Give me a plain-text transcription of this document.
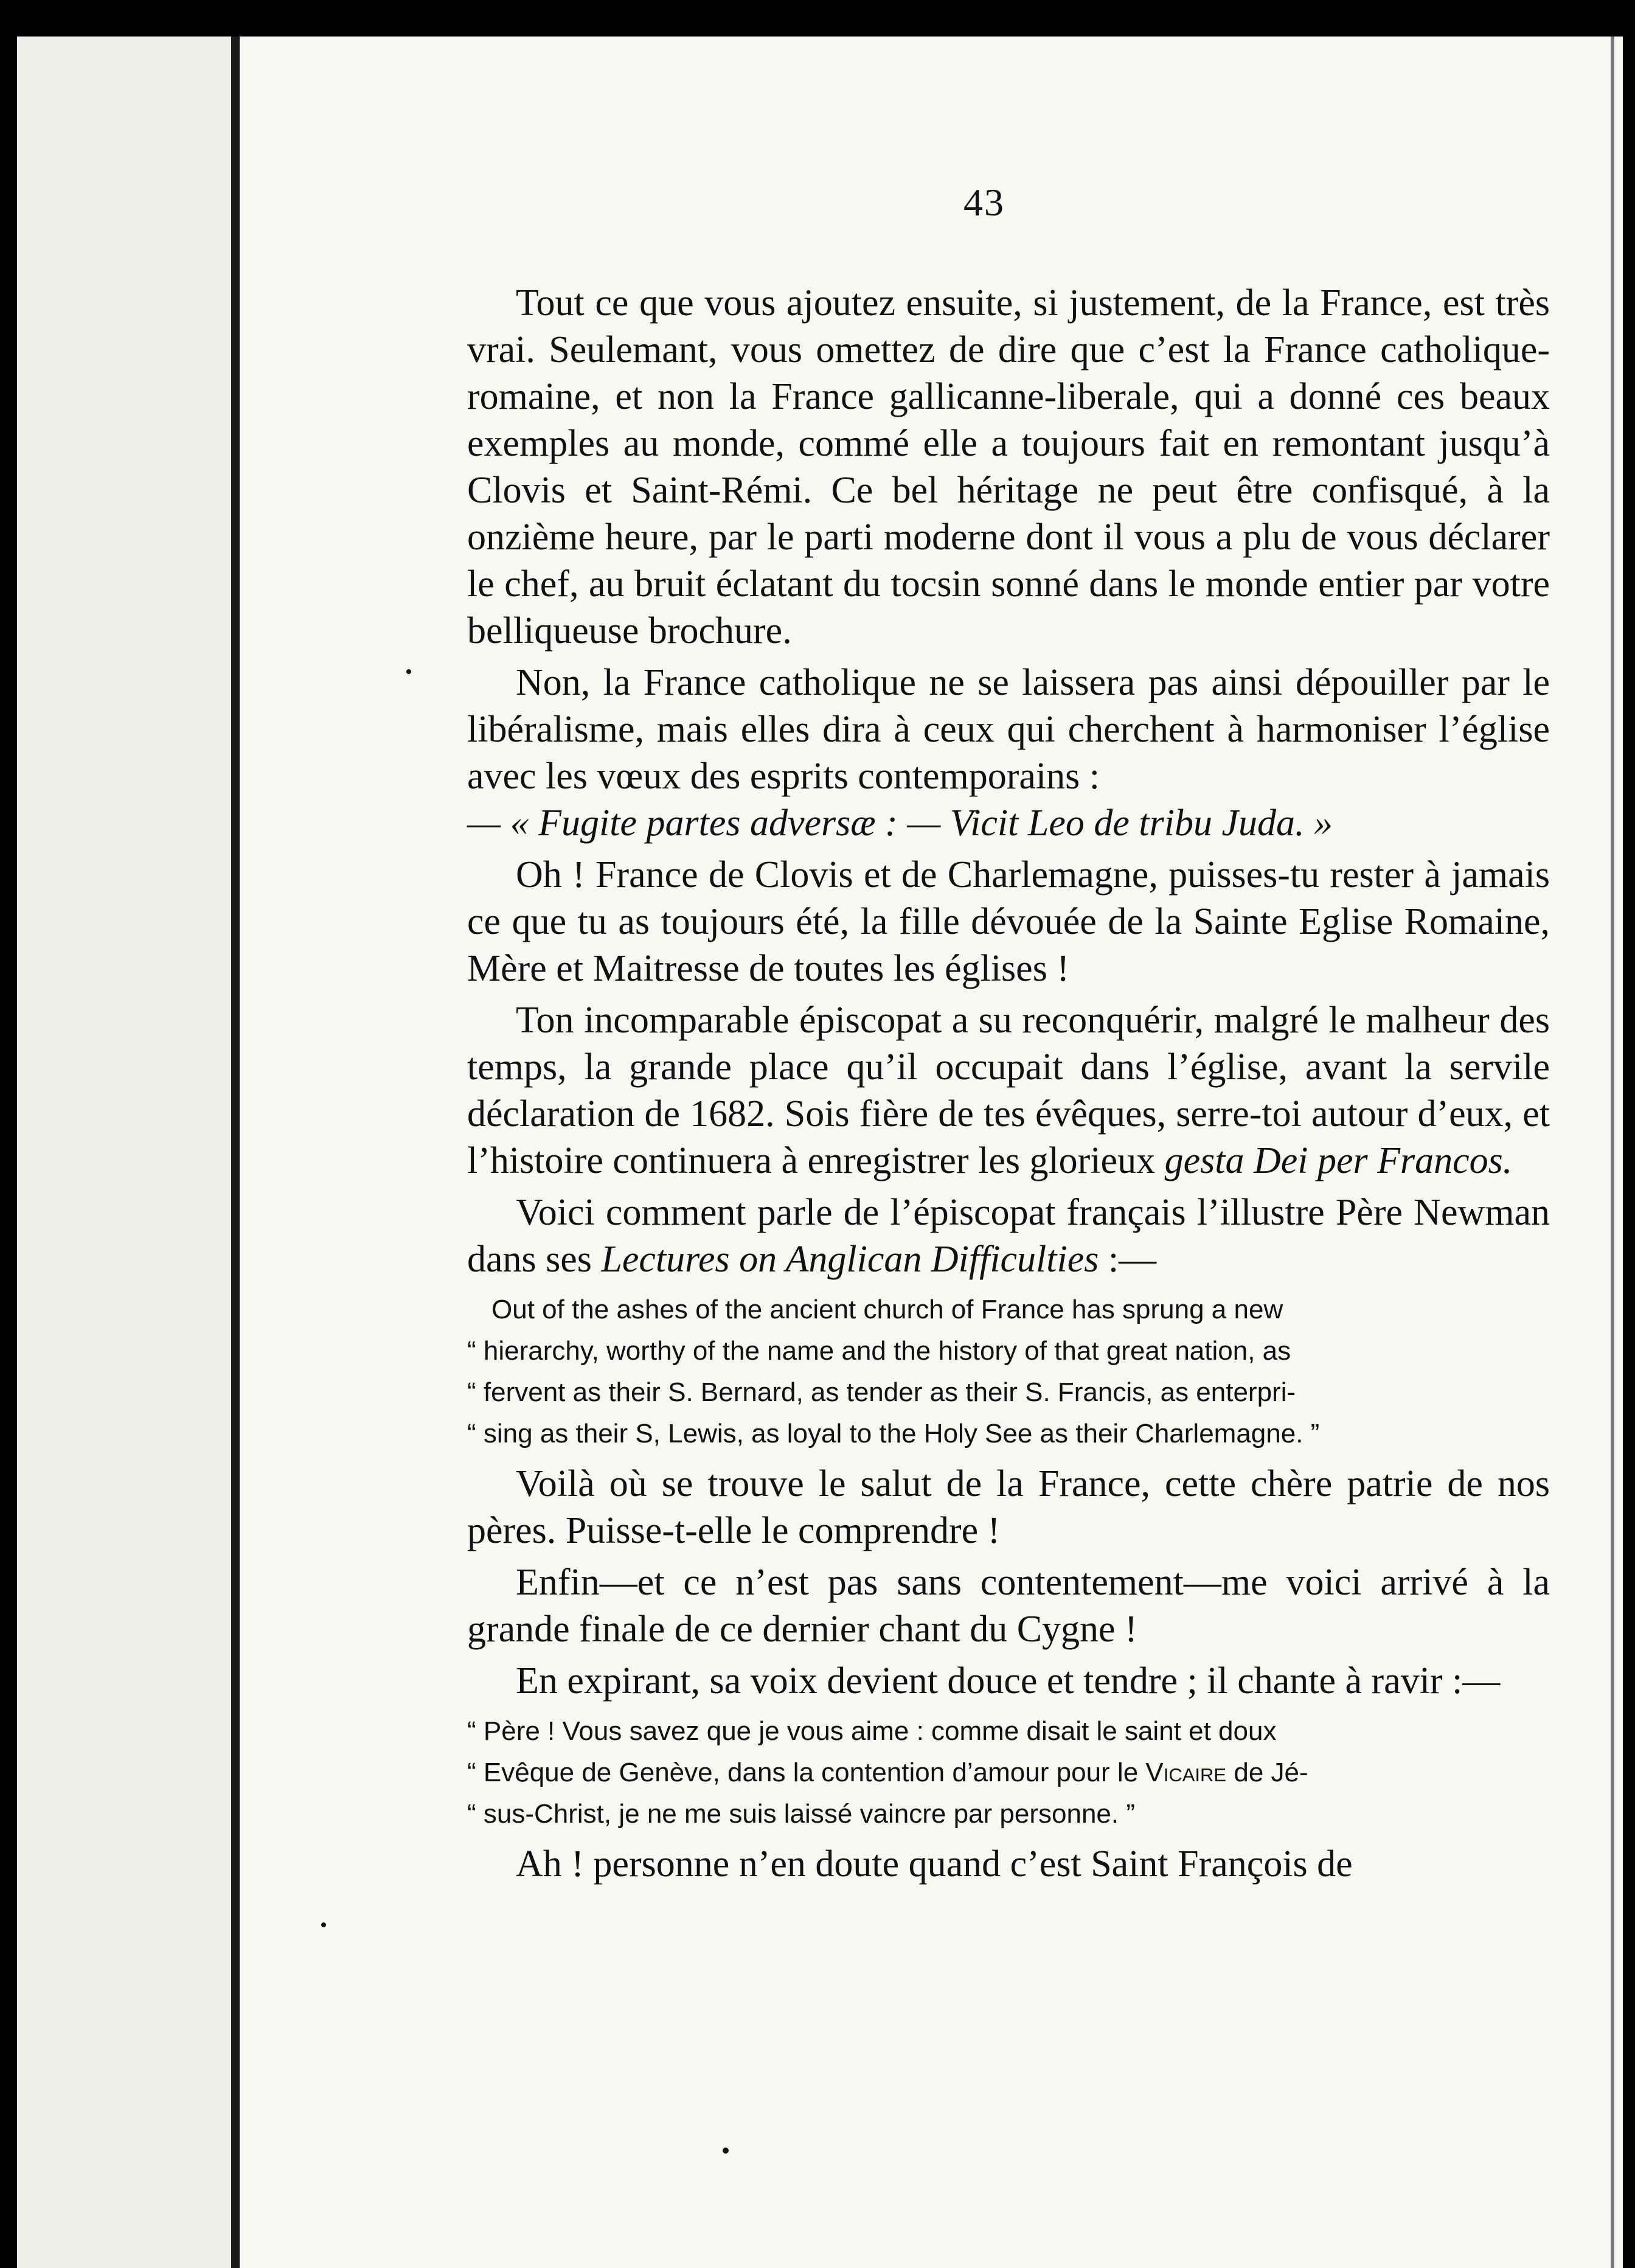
43

Tout ce que vous ajoutez ensuite, si justement, de la France, est très vrai. Seulemant, vous omettez de dire que c’est la France catholique-romaine, et non la France gallicanne-liberale, qui a donné ces beaux exemples au monde, commé elle a toujours fait en remontant jusqu’à Clovis et Saint-Rémi. Ce bel héritage ne peut être confisqué, à la onzième heure, par le parti moderne dont il vous a plu de vous déclarer le chef, au bruit éclatant du tocsin sonné dans le monde entier par votre belliqueuse brochure.

Non, la France catholique ne se laissera pas ainsi dépouiller par le libéralisme, mais elles dira à ceux qui cherchent à harmoniser l’église avec les vœux des esprits contemporains :

— « Fugite partes adversæ : — Vicit Leo de tribu Juda. »

Oh ! France de Clovis et de Charlemagne, puisses-tu rester à jamais ce que tu as toujours été, la fille dévouée de la Sainte Eglise Romaine, Mère et Maitresse de toutes les églises !

Ton incomparable épiscopat a su reconquérir, malgré le malheur des temps, la grande place qu’il occupait dans l’église, avant la servile déclaration de 1682. Sois fière de tes évêques, serre-toi autour d’eux, et l’histoire continuera à enregistrer les glorieux gesta Dei per Francos.

Voici comment parle de l’épiscopat français l’illustre Père Newman dans ses Lectures on Anglican Difficulties :—

Out of the ashes of the ancient church of France has sprung a new
“ hierarchy, worthy of the name and the history of that great nation, as
“ fervent as their S. Bernard, as tender as their S. Francis, as enterpri-
“ sing as their S, Lewis, as loyal to the Holy See as their Charlemagne. ”

Voilà où se trouve le salut de la France, cette chère patrie de nos pères. Puisse-t-elle le comprendre !

Enfin—et ce n’est pas sans contentement—me voici arrivé à la grande finale de ce dernier chant du Cygne !

En expirant, sa voix devient douce et tendre ; il chante à ravir :—

“ Père ! Vous savez que je vous aime : comme disait le saint et doux
“ Evêque de Genève, dans la contention d’amour pour le Vicaire de Jé-
“ sus-Christ, je ne me suis laissé vaincre par personne. ”

Ah ! personne n’en doute quand c’est Saint François de
